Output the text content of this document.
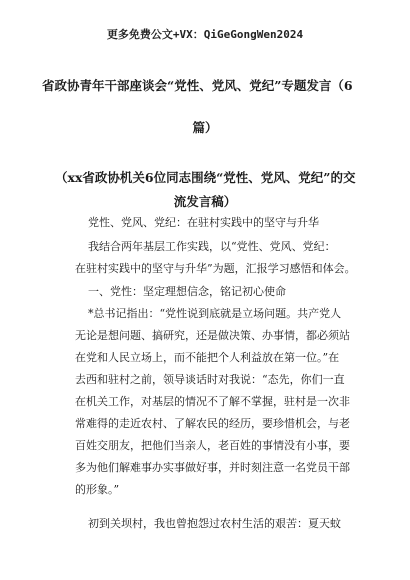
更多免费公文+VX：QiGeGongWen2024
省政协青年干部座谈会“党性、党风、党纪”专题发言（6
篇）
（xx省政协机关6位同志围绕“党性、党风、党纪”的交
流发言稿）
党性、党风、党纪：在驻村实践中的坚守与升华
我结合两年基层工作实践，以“党性、党风、党纪：
在驻村实践中的坚守与升华”为题，汇报学习感悟和体会。
一、党性：坚定理想信念，铭记初心使命
*总书记指出：“党性说到底就是立场问题。共产党人
无论是想问题、搞研究，还是做决策、办事情，都必须站
在党和人民立场上，而不能把个人利益放在第一位。”在
去西和驻村之前，领导谈话时对我说：“态先，你们一直
在机关工作，对基层的情况不了解不掌握，驻村是一次非
常难得的走近农村、了解农民的经历，要珍惜机会，与老
百姓交朋友，把他们当亲人，老百姓的事情没有小事，要
多为他们解难事办实事做好事，并时刻注意一名党员干部
的形象。”
初到关坝村，我也曾抱怨过农村生活的艰苦：夏天蚊
